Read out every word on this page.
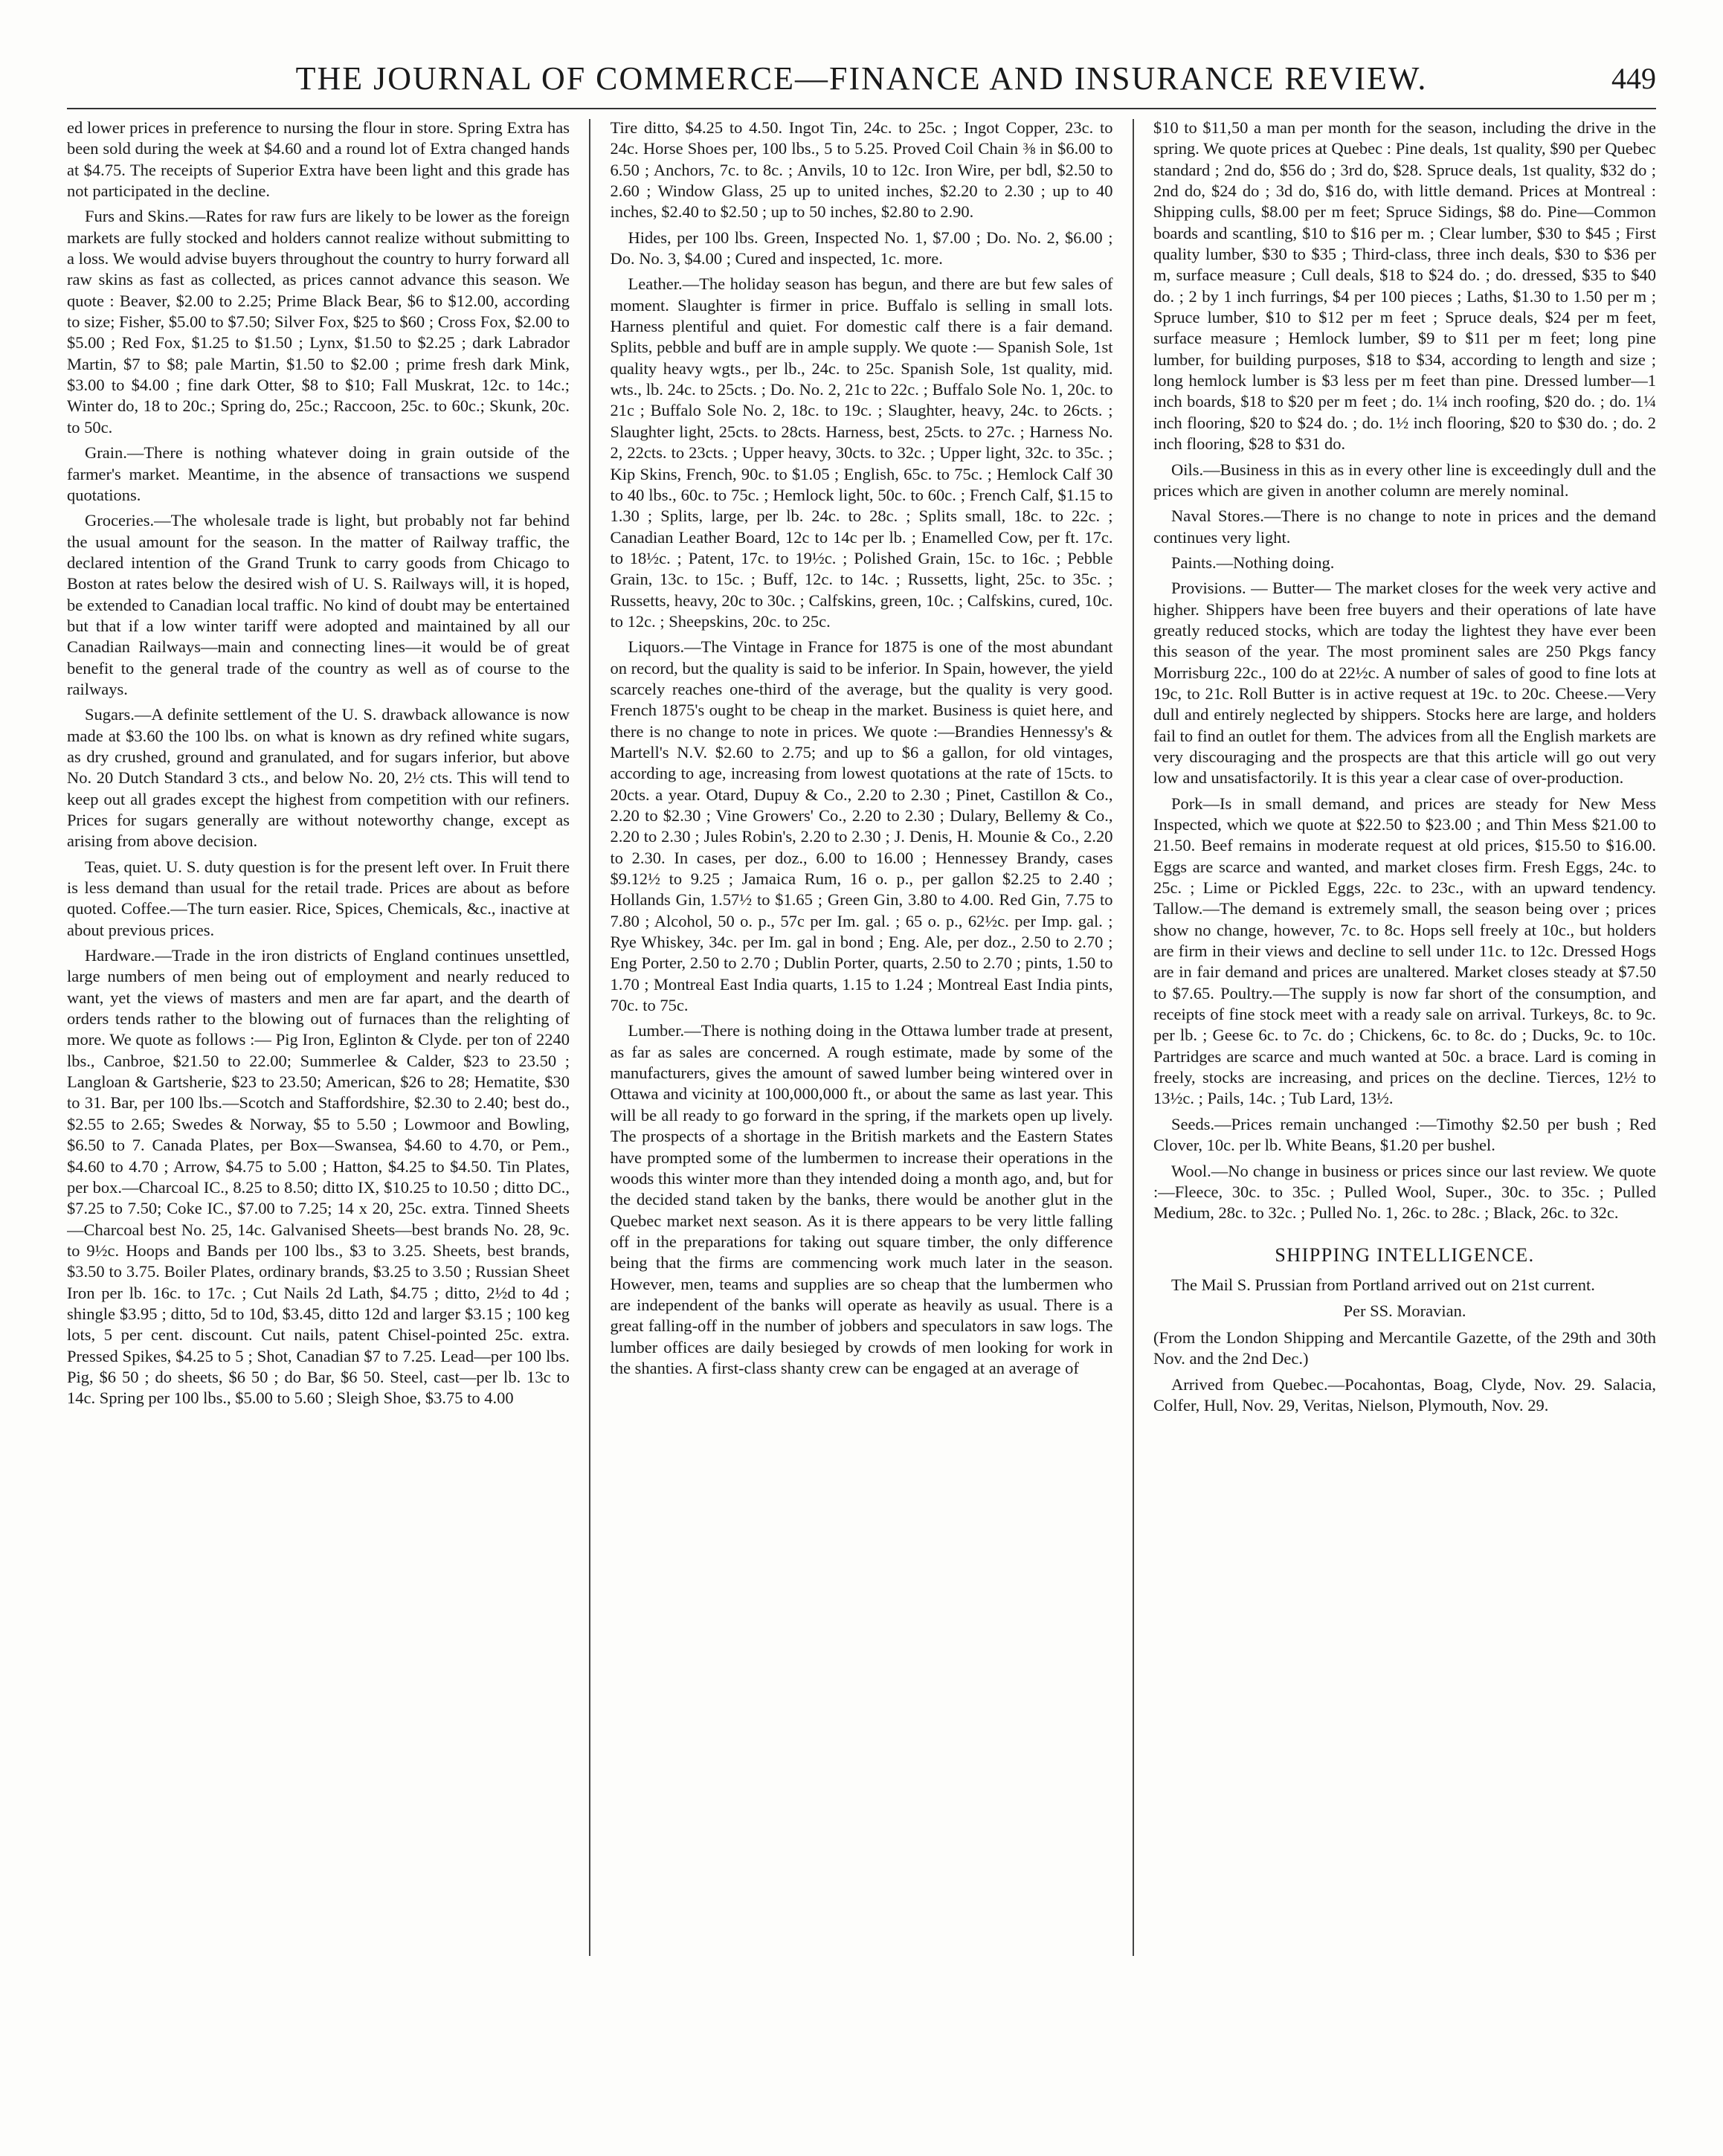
THE JOURNAL OF COMMERCE—FINANCE AND INSURANCE REVIEW.	449

ed lower prices in preference to nursing the flour in store. Spring Extra has been sold during the week at $4.60 and a round lot of Extra changed hands at $4.75. The receipts of Superior Extra have been light and this grade has not participated in the decline.

Furs and Skins.—Rates for raw furs are likely to be lower as the foreign markets are fully stocked and holders cannot realize without submitting to a loss. We would advise buyers throughout the country to hurry forward all raw skins as fast as collected, as prices cannot advance this season. We quote : Beaver, $2.00 to 2.25; Prime Black Bear, $6 to $12.00, according to size; Fisher, $5.00 to $7.50; Silver Fox, $25 to $60 ; Cross Fox, $2.00 to $5.00 ; Red Fox, $1.25 to $1.50 ; Lynx, $1.50 to $2.25 ; dark Labrador Martin, $7 to $8; pale Martin, $1.50 to $2.00 ; prime fresh dark Mink, $3.00 to $4.00 ; fine dark Otter, $8 to $10; Fall Muskrat, 12c. to 14c.; Winter do, 18 to 20c.; Spring do, 25c.; Raccoon, 25c. to 60c.; Skunk, 20c. to 50c.

Grain.—There is nothing whatever doing in grain outside of the farmer's market. Meantime, in the absence of transactions we suspend quotations.

Groceries.—The wholesale trade is light, but probably not far behind the usual amount for the season. In the matter of Railway traffic, the declared intention of the Grand Trunk to carry goods from Chicago to Boston at rates below the desired wish of U. S. Railways will, it is hoped, be extended to Canadian local traffic. No kind of doubt may be entertained but that if a low winter tariff were adopted and maintained by all our Canadian Railways—main and connecting lines—it would be of great benefit to the general trade of the country as well as of course to the railways.

Sugars.—A definite settlement of the U. S. drawback allowance is now made at $3.60 the 100 lbs. on what is known as dry refined white sugars, as dry crushed, ground and granulated, and for sugars inferior, but above No. 20 Dutch Standard 3 cts., and below No. 20, 2½ cts. This will tend to keep out all grades except the highest from competition with our refiners. Prices for sugars generally are without noteworthy change, except as arising from above decision.

Teas, quiet. U. S. duty question is for the present left over. In Fruit there is less demand than usual for the retail trade. Prices are about as before quoted. Coffee.—The turn easier. Rice, Spices, Chemicals, &c., inactive at about previous prices.

Hardware.—Trade in the iron districts of England continues unsettled, large numbers of men being out of employment and nearly reduced to want, yet the views of masters and men are far apart, and the dearth of orders tends rather to the blowing out of furnaces than the relighting of more. We quote as follows :— Pig Iron, Eglinton & Clyde. per ton of 2240 lbs., Canbroe, $21.50 to 22.00; Summerlee & Calder, $23 to 23.50 ; Langloan & Gartsherie, $23 to 23.50; American, $26 to 28; Hematite, $30 to 31. Bar, per 100 lbs.—Scotch and Staffordshire, $2.30 to 2.40; best do., $2.55 to 2.65; Swedes & Norway, $5 to 5.50 ; Lowmoor and Bowling, $6.50 to 7. Canada Plates, per Box—Swansea, $4.60 to 4.70, or Pem., $4.60 to 4.70 ; Arrow, $4.75 to 5.00 ; Hatton, $4.25 to $4.50. Tin Plates, per box.—Charcoal IC., 8.25 to 8.50; ditto IX, $10.25 to 10.50 ; ditto DC., $7.25 to 7.50; Coke IC., $7.00 to 7.25; 14 x 20, 25c. extra. Tinned Sheets—Charcoal best No. 25, 14c. Galvanised Sheets—best brands No. 28, 9c. to 9½c. Hoops and Bands per 100 lbs., $3 to 3.25. Sheets, best brands, $3.50 to 3.75. Boiler Plates, ordinary brands, $3.25 to 3.50 ; Russian Sheet Iron per lb. 16c. to 17c. ; Cut Nails 2d Lath, $4.75 ; ditto, 2½d to 4d ; shingle $3.95 ; ditto, 5d to 10d, $3.45, ditto 12d and larger $3.15 ; 100 keg lots, 5 per cent. discount. Cut nails, patent Chisel-pointed 25c. extra. Pressed Spikes, $4.25 to 5 ; Shot, Canadian $7 to 7.25. Lead—per 100 lbs. Pig, $6 50 ; do sheets, $6 50 ; do Bar, $6 50. Steel, cast—per lb. 13c to 14c. Spring per 100 lbs., $5.00 to 5.60 ; Sleigh Shoe, $3.75 to 4.00

Tire ditto, $4.25 to 4.50. Ingot Tin, 24c. to 25c. ; Ingot Copper, 23c. to 24c. Horse Shoes per, 100 lbs., 5 to 5.25. Proved Coil Chain ⅜ in $6.00 to 6.50 ; Anchors, 7c. to 8c. ; Anvils, 10 to 12c. Iron Wire, per bdl, $2.50 to 2.60 ; Window Glass, 25 up to united inches, $2.20 to 2.30 ; up to 40 inches, $2.40 to $2.50 ; up to 50 inches, $2.80 to 2.90.

Hides, per 100 lbs. Green, Inspected No. 1, $7.00 ; Do. No. 2, $6.00 ; Do. No. 3, $4.00 ; Cured and inspected, 1c. more.

Leather.—The holiday season has begun, and there are but few sales of moment. Slaughter is firmer in price. Buffalo is selling in small lots. Harness plentiful and quiet. For domestic calf there is a fair demand. Splits, pebble and buff are in ample supply. We quote :— Spanish Sole, 1st quality heavy wgts., per lb., 24c. to 25c. Spanish Sole, 1st quality, mid. wts., lb. 24c. to 25cts. ; Do. No. 2, 21c to 22c. ; Buffalo Sole No. 1, 20c. to 21c ; Buffalo Sole No. 2, 18c. to 19c. ; Slaughter, heavy, 24c. to 26cts. ; Slaughter light, 25cts. to 28cts. Harness, best, 25cts. to 27c. ; Harness No. 2, 22cts. to 23cts. ; Upper heavy, 30cts. to 32c. ; Upper light, 32c. to 35c. ; Kip Skins, French, 90c. to $1.05 ; English, 65c. to 75c. ; Hemlock Calf 30 to 40 lbs., 60c. to 75c. ; Hemlock light, 50c. to 60c. ; French Calf, $1.15 to 1.30 ; Splits, large, per lb. 24c. to 28c. ; Splits small, 18c. to 22c. ; Canadian Leather Board, 12c to 14c per lb. ; Enamelled Cow, per ft. 17c. to 18½c. ; Patent, 17c. to 19½c. ; Polished Grain, 15c. to 16c. ; Pebble Grain, 13c. to 15c. ; Buff, 12c. to 14c. ; Russetts, light, 25c. to 35c. ; Russetts, heavy, 20c to 30c. ; Calfskins, green, 10c. ; Calfskins, cured, 10c. to 12c. ; Sheepskins, 20c. to 25c.

Liquors.—The Vintage in France for 1875 is one of the most abundant on record, but the quality is said to be inferior. In Spain, however, the yield scarcely reaches one-third of the average, but the quality is very good. French 1875's ought to be cheap in the market. Business is quiet here, and there is no change to note in prices. We quote :—Brandies Hennessy's & Martell's N.V. $2.60 to 2.75; and up to $6 a gallon, for old vintages, according to age, increasing from lowest quotations at the rate of 15cts. to 20cts. a year. Otard, Dupuy & Co., 2.20 to 2.30 ; Pinet, Castillon & Co., 2.20 to $2.30 ; Vine Growers' Co., 2.20 to 2.30 ; Dulary, Bellemy & Co., 2.20 to 2.30 ; Jules Robin's, 2.20 to 2.30 ; J. Denis, H. Mounie & Co., 2.20 to 2.30. In cases, per doz., 6.00 to 16.00 ; Hennessey Brandy, cases $9.12½ to 9.25 ; Jamaica Rum, 16 o. p., per gallon $2.25 to 2.40 ; Hollands Gin, 1.57½ to $1.65 ; Green Gin, 3.80 to 4.00. Red Gin, 7.75 to 7.80 ; Alcohol, 50 o. p., 57c per Im. gal. ; 65 o. p., 62½c. per Imp. gal. ; Rye Whiskey, 34c. per Im. gal in bond ; Eng. Ale, per doz., 2.50 to 2.70 ; Eng Porter, 2.50 to 2.70 ; Dublin Porter, quarts, 2.50 to 2.70 ; pints, 1.50 to 1.70 ; Montreal East India quarts, 1.15 to 1.24 ; Montreal East India pints, 70c. to 75c.

Lumber.—There is nothing doing in the Ottawa lumber trade at present, as far as sales are concerned. A rough estimate, made by some of the manufacturers, gives the amount of sawed lumber being wintered over in Ottawa and vicinity at 100,000,000 ft., or about the same as last year. This will be all ready to go forward in the spring, if the markets open up lively. The prospects of a shortage in the British markets and the Eastern States have prompted some of the lumbermen to increase their operations in the woods this winter more than they intended doing a month ago, and, but for the decided stand taken by the banks, there would be another glut in the Quebec market next season. As it is there appears to be very little falling off in the preparations for taking out square timber, the only difference being that the firms are commencing work much later in the season. However, men, teams and supplies are so cheap that the lumbermen who are independent of the banks will operate as heavily as usual. There is a great falling-off in the number of jobbers and speculators in saw logs. The lumber offices are daily besieged by crowds of men looking for work in the shanties. A first-class shanty crew can be engaged at an average of

$10 to $11,50 a man per month for the season, including the drive in the spring. We quote prices at Quebec : Pine deals, 1st quality, $90 per Quebec standard ; 2nd do, $56 do ; 3rd do, $28. Spruce deals, 1st quality, $32 do ; 2nd do, $24 do ; 3d do, $16 do, with little demand. Prices at Montreal : Shipping culls, $8.00 per m feet; Spruce Sidings, $8 do. Pine—Common boards and scantling, $10 to $16 per m. ; Clear lumber, $30 to $45 ; First quality lumber, $30 to $35 ; Third-class, three inch deals, $30 to $36 per m, surface measure ; Cull deals, $18 to $24 do. ; do. dressed, $35 to $40 do. ; 2 by 1 inch furrings, $4 per 100 pieces ; Laths, $1.30 to 1.50 per m ; Spruce lumber, $10 to $12 per m feet ; Spruce deals, $24 per m feet, surface measure ; Hemlock lumber, $9 to $11 per m feet; long pine lumber, for building purposes, $18 to $34, according to length and size ; long hemlock lumber is $3 less per m feet than pine. Dressed lumber—1 inch boards, $18 to $20 per m feet ; do. 1¼ inch roofing, $20 do. ; do. 1¼ inch flooring, $20 to $24 do. ; do. 1½ inch flooring, $20 to $30 do. ; do. 2 inch flooring, $28 to $31 do.

Oils.—Business in this as in every other line is exceedingly dull and the prices which are given in another column are merely nominal.

Naval Stores.—There is no change to note in prices and the demand continues very light.

Paints.—Nothing doing.

Provisions. — Butter— The market closes for the week very active and higher. Shippers have been free buyers and their operations of late have greatly reduced stocks, which are today the lightest they have ever been this season of the year. The most prominent sales are 250 Pkgs fancy Morrisburg 22c., 100 do at 22½c. A number of sales of good to fine lots at 19c, to 21c. Roll Butter is in active request at 19c. to 20c. Cheese.—Very dull and entirely neglected by shippers. Stocks here are large, and holders fail to find an outlet for them. The advices from all the English markets are very discouraging and the prospects are that this article will go out very low and unsatisfactorily. It is this year a clear case of over-production.

Pork—Is in small demand, and prices are steady for New Mess Inspected, which we quote at $22.50 to $23.00 ; and Thin Mess $21.00 to 21.50. Beef remains in moderate request at old prices, $15.50 to $16.00. Eggs are scarce and wanted, and market closes firm. Fresh Eggs, 24c. to 25c. ; Lime or Pickled Eggs, 22c. to 23c., with an upward tendency. Tallow.—The demand is extremely small, the season being over ; prices show no change, however, 7c. to 8c. Hops sell freely at 10c., but holders are firm in their views and decline to sell under 11c. to 12c. Dressed Hogs are in fair demand and prices are unaltered. Market closes steady at $7.50 to $7.65. Poultry.—The supply is now far short of the consumption, and receipts of fine stock meet with a ready sale on arrival. Turkeys, 8c. to 9c. per lb. ; Geese 6c. to 7c. do ; Chickens, 6c. to 8c. do ; Ducks, 9c. to 10c. Partridges are scarce and much wanted at 50c. a brace. Lard is coming in freely, stocks are increasing, and prices on the decline. Tierces, 12½ to 13½c. ; Pails, 14c. ; Tub Lard, 13½.

Seeds.—Prices remain unchanged :—Timothy $2.50 per bush ; Red Clover, 10c. per lb. White Beans, $1.20 per bushel.

Wool.—No change in business or prices since our last review. We quote :—Fleece, 30c. to 35c. ; Pulled Wool, Super., 30c. to 35c. ; Pulled Medium, 28c. to 32c. ; Pulled No. 1, 26c. to 28c. ; Black, 26c. to 32c.

SHIPPING INTELLIGENCE.

The Mail S. Prussian from Portland arrived out on 21st current.

Per SS. Moravian.

(From the London Shipping and Mercantile Gazette, of the 29th and 30th Nov. and the 2nd Dec.)

Arrived from Quebec.—Pocahontas, Boag, Clyde, Nov. 29. Salacia, Colfer, Hull, Nov. 29, Veritas, Nielson, Plymouth, Nov. 29.
